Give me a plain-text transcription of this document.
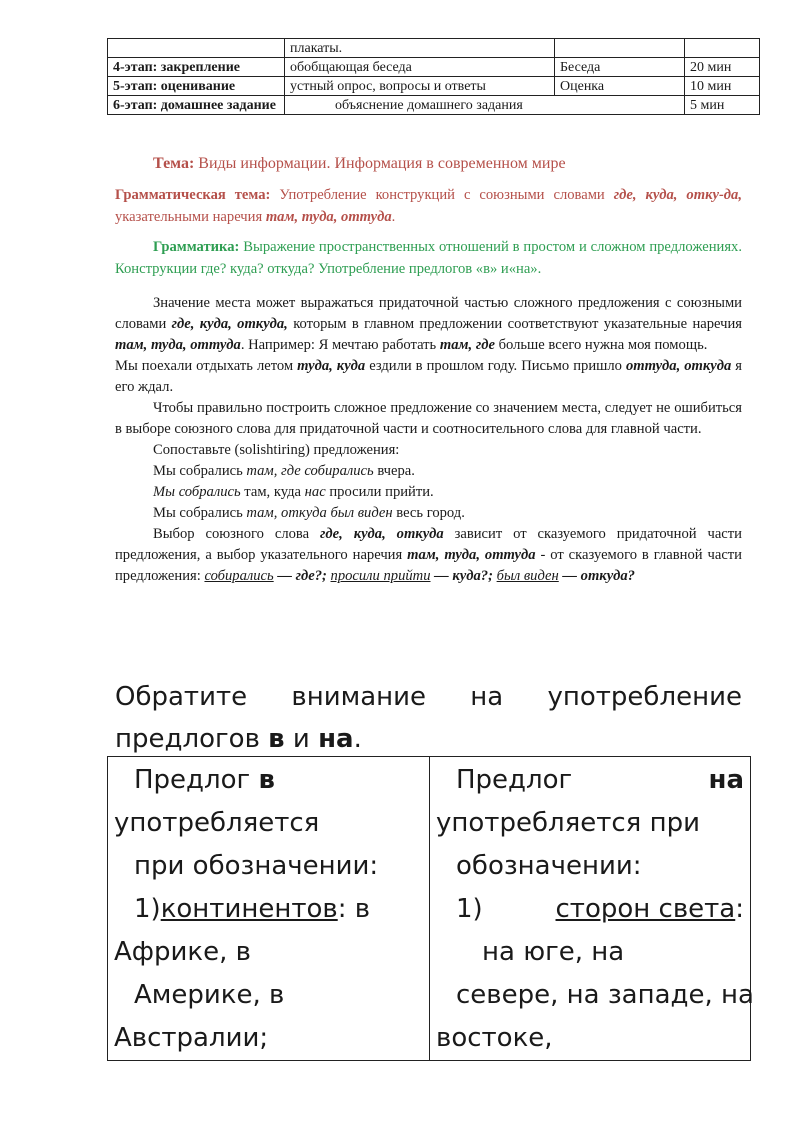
	плакаты.		
4-этап: закрепление	обобщающая беседа	Беседа	20 мин
5-этап: оценивание	устный опрос, вопросы и ответы	Оценка	10 мин
6-этап: домашнее задание	объяснение домашнего задания		5 мин
Тема: Виды информации. Информация в современном мире
Грамматическая тема: Употребление конструкций с союзными словами где, куда, отку-да, указательными наречия там, туда, оттуда.
Грамматика: Выражение пространственных отношений в простом и сложном предложениях. Конструкции где? куда? откуда? Употребление предлогов «в» и«на».

Значение места может выражаться придаточной частью сложного предложения с союзными словами где, куда, откуда, которым в главном предложении соответствуют указательные наречия там, туда, оттуда. Например: Я мечтаю работать там, где больше всего нужна моя помощь.

Мы поехали отдыхать летом туда, куда ездили в прошлом году. Письмо пришло оттуда, откуда я его ждал.

Чтобы правильно построить сложное предложение со значением места, следует не ошибиться в выборе союзного слова для придаточной части и соотносительного слова для главной части.

Сопоставьте (solishtiring) предложения:

Мы собрались там, где собирались вчера.

Мы собрались там, куда нас просили прийти.

Мы собрались там, откуда был виден весь город.

Выбор союзного слова где, куда, откуда зависит от сказуемого придаточной части предложения, а выбор указательного наречия там, туда, оттуда - от сказуемого в главной части предложения: собирались — где?; просили прийти — куда?; был виден — откуда?

Обратите внимание на употребление
предлогов в и на.
Предлог в
употребляется
при обозначении:
1)континентов: в
Африке, в
Америке, в
Австралии;

Предлог	на
употребляется при
обозначении:
1)	сторон света:
на юге, на
севере, на западе, на
востоке,
